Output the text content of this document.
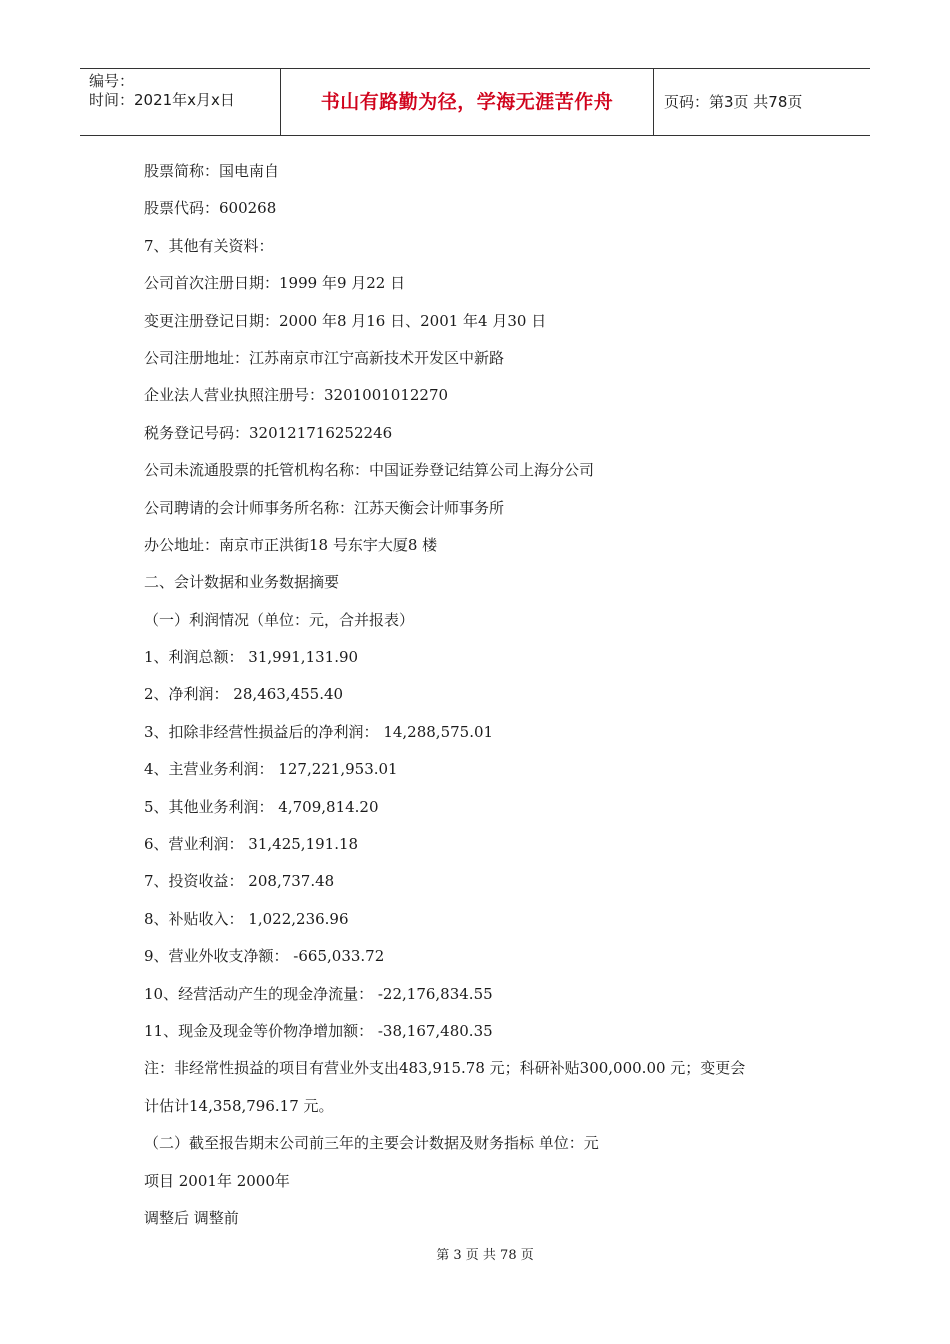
编号：
时间：2021年x月x日	书山有路勤为径，学海无涯苦作舟	页码：第3页 共78页
股票简称：国电南自
股票代码：600268
7、其他有关资料：
公司首次注册日期：1999 年9 月22 日
变更注册登记日期：2000 年8 月16 日、2001 年4 月30 日
公司注册地址：江苏南京市江宁高新技术开发区中新路
企业法人营业执照注册号：3201001012270
税务登记号码：320121716252246
公司未流通股票的托管机构名称：中国证券登记结算公司上海分公司
公司聘请的会计师事务所名称：江苏天衡会计师事务所
办公地址：南京市正洪街18 号东宇大厦8 楼
二、会计数据和业务数据摘要
（一）利润情况（单位：元，合并报表）
1、利润总额： 31,991,131.90
2、净利润： 28,463,455.40
3、扣除非经营性损益后的净利润： 14,288,575.01
4、主营业务利润： 127,221,953.01
5、其他业务利润： 4,709,814.20
6、营业利润： 31,425,191.18
7、投资收益： 208,737.48
8、补贴收入： 1,022,236.96
9、营业外收支净额： -665,033.72
10、经营活动产生的现金净流量： -22,176,834.55
11、现金及现金等价物净增加额： -38,167,480.35
注：非经常性损益的项目有营业外支出483,915.78 元；科研补贴300,000.00 元；变更会
计估计14,358,796.17 元。
（二）截至报告期末公司前三年的主要会计数据及财务指标 单位：元
项目 2001年 2000年
调整后 调整前
第 3 页 共 78 页
